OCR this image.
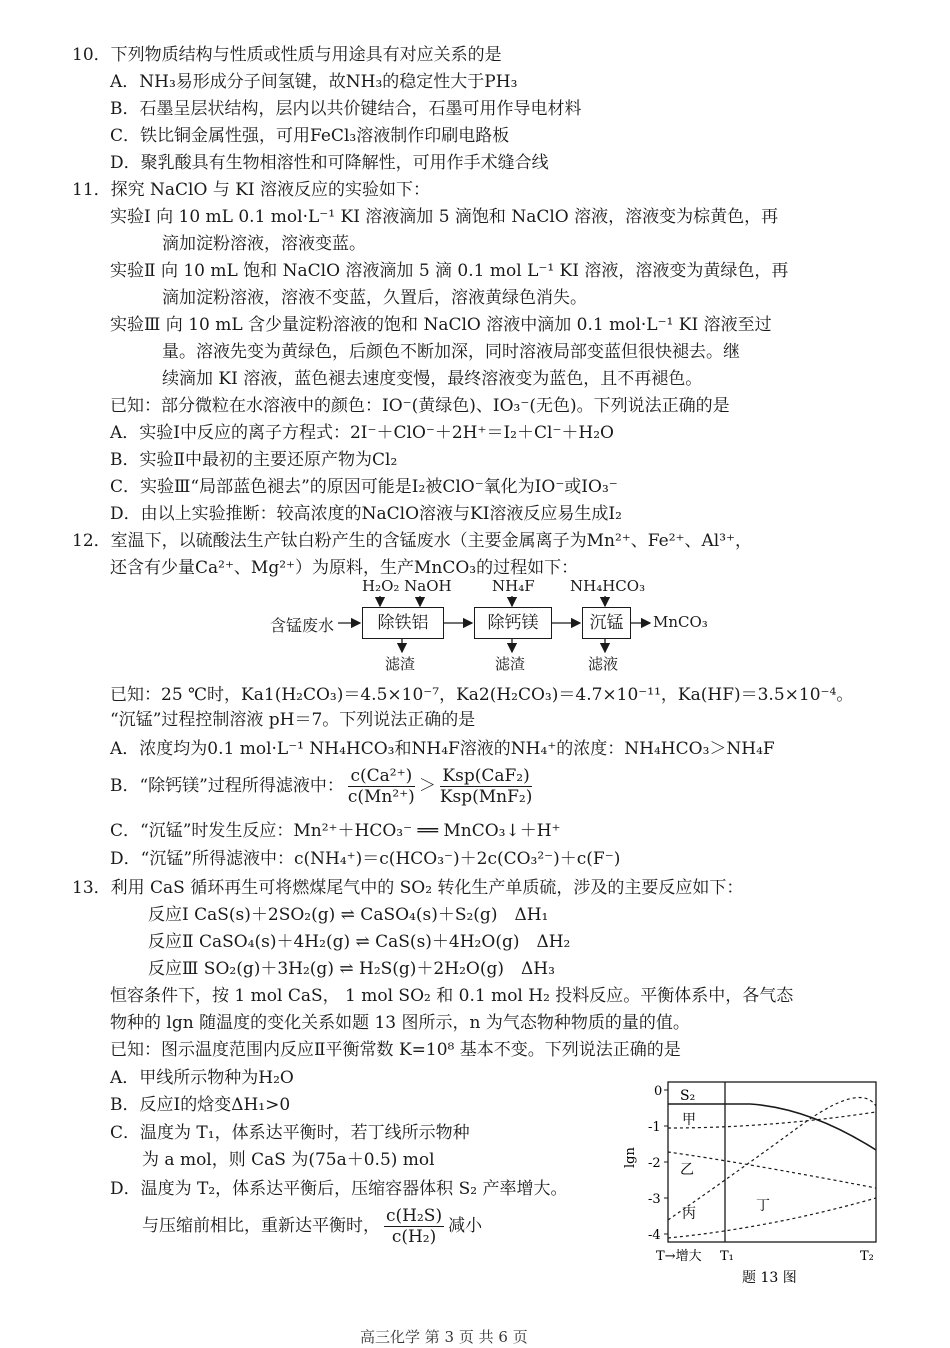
10．下列物质结构与性质或性质与用途具有对应关系的是
A．NH₃易形成分子间氢键，故NH₃的稳定性大于PH₃
B．石墨呈层状结构，层内以共价键结合，石墨可用作导电材料
C．铁比铜金属性强，可用FeCl₃溶液制作印刷电路板
D．聚乳酸具有生物相溶性和可降解性，可用作手术缝合线
11．探究 NaClO 与 KI 溶液反应的实验如下：
实验Ⅰ 向 10 mL 0.1 mol·L⁻¹ KI 溶液滴加 5 滴饱和 NaClO 溶液，溶液变为棕黄色，再
滴加淀粉溶液，溶液变蓝。
实验Ⅱ 向 10 mL 饱和 NaClO 溶液滴加 5 滴 0.1 mol L⁻¹ KI 溶液，溶液变为黄绿色，再
滴加淀粉溶液，溶液不变蓝，久置后，溶液黄绿色消失。
实验Ⅲ 向 10 mL 含少量淀粉溶液的饱和 NaClO 溶液中滴加 0.1 mol·L⁻¹ KI 溶液至过
量。溶液先变为黄绿色，后颜色不断加深，同时溶液局部变蓝但很快褪去。继
续滴加 KI 溶液，蓝色褪去速度变慢，最终溶液变为蓝色，且不再褪色。
已知：部分微粒在水溶液中的颜色：IO⁻(黄绿色)、IO₃⁻(无色)。下列说法正确的是
A．实验Ⅰ中反应的离子方程式：2I⁻＋ClO⁻＋2H⁺＝I₂＋Cl⁻＋H₂O
B．实验Ⅱ中最初的主要还原产物为Cl₂
C．实验Ⅲ“局部蓝色褪去”的原因可能是I₂被ClO⁻氧化为IO⁻或IO₃⁻
D．由以上实验推断：较高浓度的NaClO溶液与KI溶液反应易生成I₂
12．室温下，以硫酸法生产钛白粉产生的含锰废水（主要金属离子为Mn²⁺、Fe²⁺、Al³⁺，
还含有少量Ca²⁺、Mg²⁺）为原料，生产MnCO₃的过程如下：
含锰废水
H₂O₂ NaOH
除铁铝
滤渣
NH₄F
除钙镁
滤渣
NH₄HCO₃
沉锰
滤液
MnCO₃
已知：25 ℃时，Ka1(H₂CO₃)＝4.5×10⁻⁷，Ka2(H₂CO₃)＝4.7×10⁻¹¹，Ka(HF)＝3.5×10⁻⁴。
“沉锰”过程控制溶液 pH＝7。下列说法正确的是
A．浓度均为0.1 mol·L⁻¹ NH₄HCO₃和NH₄F溶液的NH₄⁺的浓度：NH₄HCO₃＞NH₄F
B．“除钙镁”过程所得滤液中： $\frac{\text{c(Ca²⁺)}}{\text{c(Mn²⁺)}} > \frac{\text{Ksp(CaF₂)}}{\text{Ksp(MnF₂)}}$
C．“沉锰”时发生反应：Mn²⁺＋HCO₃⁻ ══ MnCO₃↓＋H⁺
D．“沉锰”所得滤液中：c(NH₄⁺)＝c(HCO₃⁻)＋2c(CO₃²⁻)＋c(F⁻)
13．利用 CaS 循环再生可将燃煤尾气中的 SO₂ 转化生产单质硫，涉及的主要反应如下：
反应Ⅰ CaS(s)＋2SO₂(g) ⇌ CaSO₄(s)＋S₂(g)　ΔH₁
反应Ⅱ CaSO₄(s)＋4H₂(g) ⇌ CaS(s)＋4H₂O(g)　ΔH₂
反应Ⅲ SO₂(g)＋3H₂(g) ⇌ H₂S(g)＋2H₂O(g)　ΔH₃
恒容条件下，按 1 mol CaS， 1 mol SO₂ 和 0.1 mol H₂ 投料反应。平衡体系中，各气态
物种的 lgn 随温度的变化关系如题 13 图所示，n 为气态物种物质的量的值。
已知：图示温度范围内反应Ⅱ平衡常数 K=10⁸ 基本不变。下列说法正确的是
A．甲线所示物种为H₂O
B．反应Ⅰ的焓变ΔH₁>0
C．温度为 T₁，体系达平衡时，若丁线所示物种
为 a mol，则 CaS 为(75a＋0.5) mol
D．温度为 T₂，体系达平衡后，压缩容器体积 S₂ 产率增大。
与压缩前相比，重新达平衡时， $\frac{\text{c(H₂S)}}{\text{c(H₂)}}$ 减小
0
-1
-2
-3
-4
lgn
S₂
甲
乙
丙	丁
T→增大 T₁	T₂
题 13 图
高三化学 第 3 页 共 6 页
